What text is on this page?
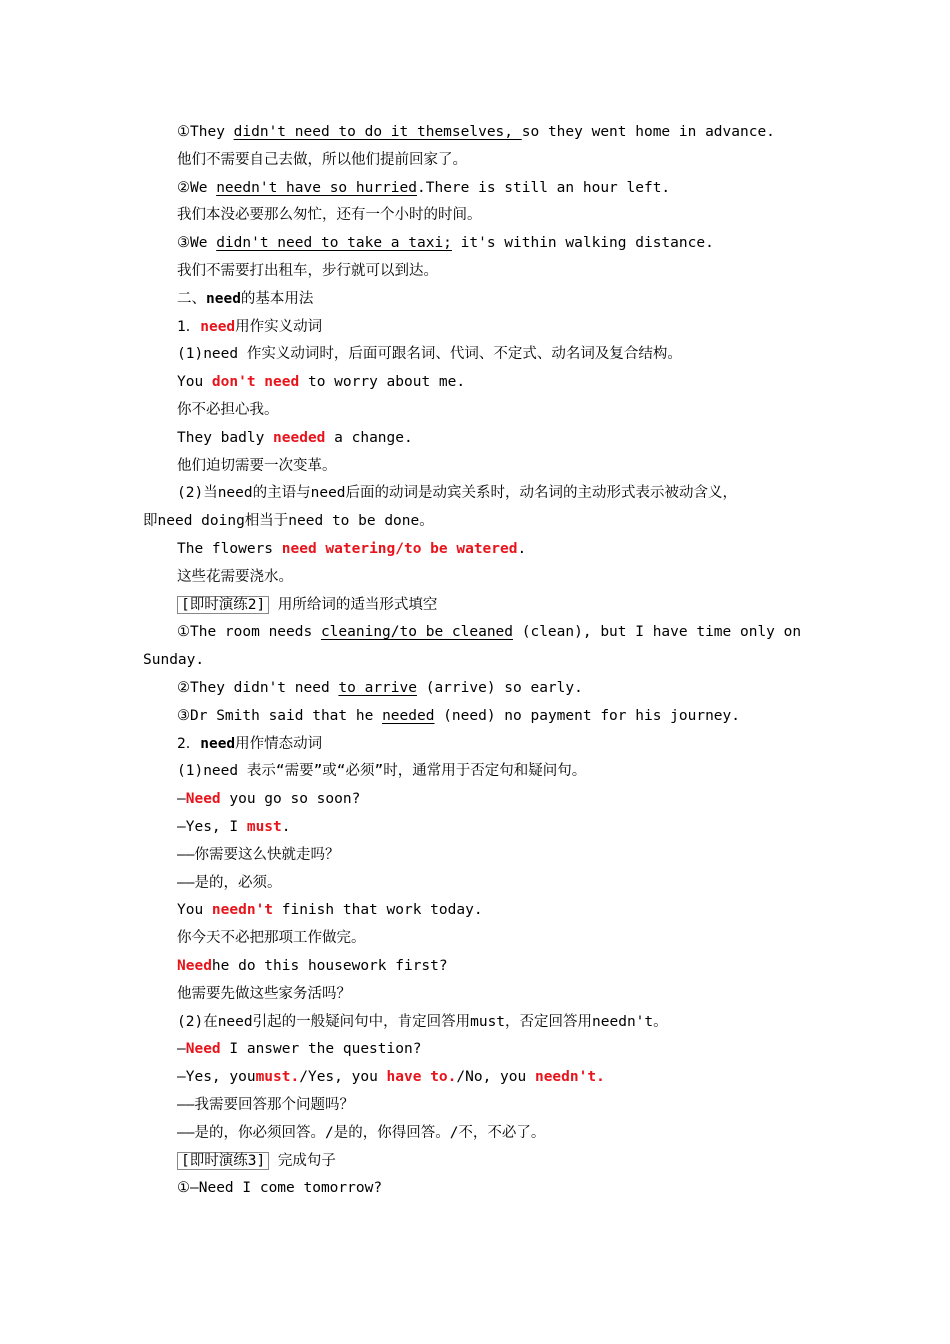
①They didn't need to do it themselves, so they went home in advance.
他们不需要自己去做，所以他们提前回家了。
②We needn't have so hurried.There is still an hour left.
我们本没必要那么匆忙，还有一个小时的时间。
③We didn't need to take a taxi; it's within walking distance.
我们不需要打出租车，步行就可以到达。
二、need的基本用法
1．need用作实义动词
(1)need 作实义动词时，后面可跟名词、代词、不定式、动名词及复合结构。
You don't need to worry about me.
你不必担心我。
They badly needed a change.
他们迫切需要一次变革。
(2)当need的主语与need后面的动词是动宾关系时，动名词的主动形式表示被动含义，
即need doing相当于need to be done。
The flowers need watering/to be watered.
这些花需要浇水。
[即时演练2] 用所给词的适当形式填空
①The room needs cleaning/to be cleaned (clean), but I have time only on
Sunday.
②They didn't need to arrive (arrive) so early.
③Dr Smith said that he needed (need) no payment for his journey.
2．need用作情态动词
(1)need 表示“需要”或“必须”时，通常用于否定句和疑问句。
—Need you go so soon?
—Yes, I must.
——你需要这么快就走吗？
——是的，必须。
You needn't finish that work today.
你今天不必把那项工作做完。
Needhe do this housework first?
他需要先做这些家务活吗？
(2)在need引起的一般疑问句中，肯定回答用must，否定回答用needn't。
—Need I answer the question?
—Yes, youmust./Yes, you have to./No, you needn't.
——我需要回答那个问题吗？
——是的，你必须回答。/是的，你得回答。/不，不必了。
[即时演练3] 完成句子
①—Need I come tomorrow?
